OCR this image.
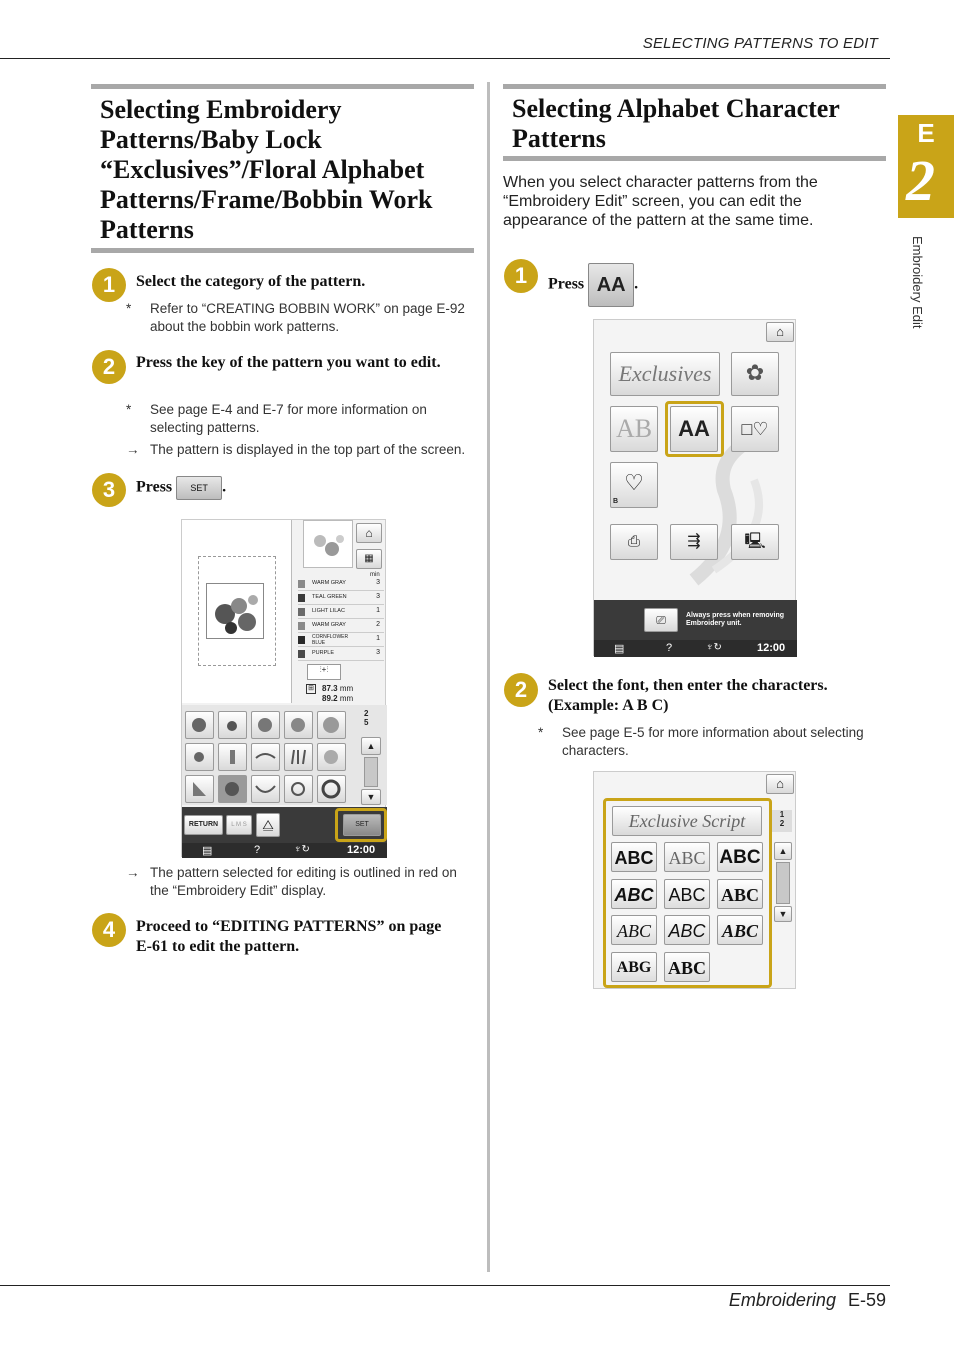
SELECTING PATTERNS TO EDIT
E
2
Embroidery Edit
Selecting Embroidery
Patterns/Baby Lock
“Exclusives”/Floral Alphabet
Patterns/Frame/Bobbin Work
Patterns
1	Select the category of the pattern.
* Refer to “CREATING BOBBIN WORK” on page E-92 about the bobbin work patterns.
2	Press the key of the pattern you want to edit.
* See page E-4 and E-7 for more information on selecting patterns.
→ The pattern is displayed in the top part of the screen.
3	Press SET .
⌂
▦
min
WARM GRAY	3
TEAL GREEN	3
LIGHT LILAC	1
WARM GRAY	2
CORNFLOWER BLUE
1
PURPLE	3
⫶+⫶
⊞ 87.3 mm
89.2 mm
2
5
▲
▼
RETURN	L M S	⧋	SET
▤	?	♆↻	12:00
→ The pattern selected for editing is outlined in red on the “Embroidery Edit” display.
4	Proceed to “EDITING PATTERNS” on page E-61 to edit the pattern.
Selecting Alphabet Character
Patterns
When you select character patterns from the “Embroidery Edit” screen, you can edit the appearance of the pattern at the same time.
1	Press AA .
⌂
Exclusives	✿
AB	AA	□♡
♡
B
⎙	⇶	🖳
⎚	Always press when removing Embroidery unit.
▤	?	♆↻	12:00
2	Select the font, then enter the characters. (Example: A B C)
* See page E-5 for more information about selecting characters.
⌂
Exclusive Script	1
2
ABC ABC ABC
ABC ABC ABC
ABC ABC ABC
ABG ABC
▲
▼
Embroidering E-59
